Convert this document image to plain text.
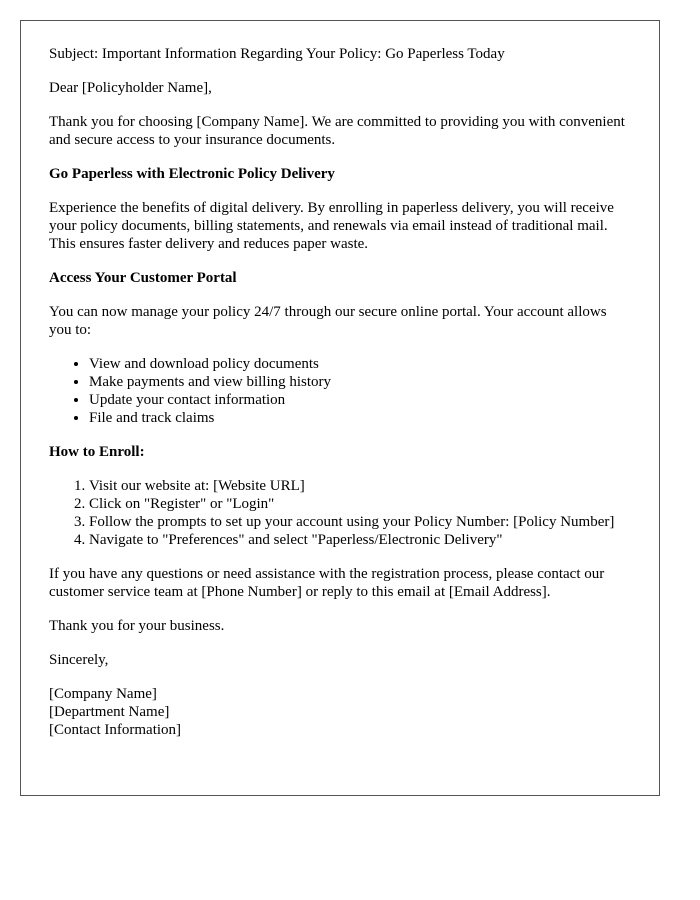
Subject: Important Information Regarding Your Policy: Go Paperless Today

Dear [Policyholder Name],

Thank you for choosing [Company Name]. We are committed to providing you with convenient and secure access to your insurance documents.

Go Paperless with Electronic Policy Delivery

Experience the benefits of digital delivery. By enrolling in paperless delivery, you will receive your policy documents, billing statements, and renewals via email instead of traditional mail. This ensures faster delivery and reduces paper waste.

Access Your Customer Portal

You can now manage your policy 24/7 through our secure online portal. Your account allows you to:

• View and download policy documents
• Make payments and view billing history
• Update your contact information
• File and track claims

How to Enroll:

1. Visit our website at: [Website URL]
2. Click on "Register" or "Login"
3. Follow the prompts to set up your account using your Policy Number: [Policy Number]
4. Navigate to "Preferences" and select "Paperless/Electronic Delivery"

If you have any questions or need assistance with the registration process, please contact our customer service team at [Phone Number] or reply to this email at [Email Address].

Thank you for your business.

Sincerely,

[Company Name]
[Department Name]
[Contact Information]
